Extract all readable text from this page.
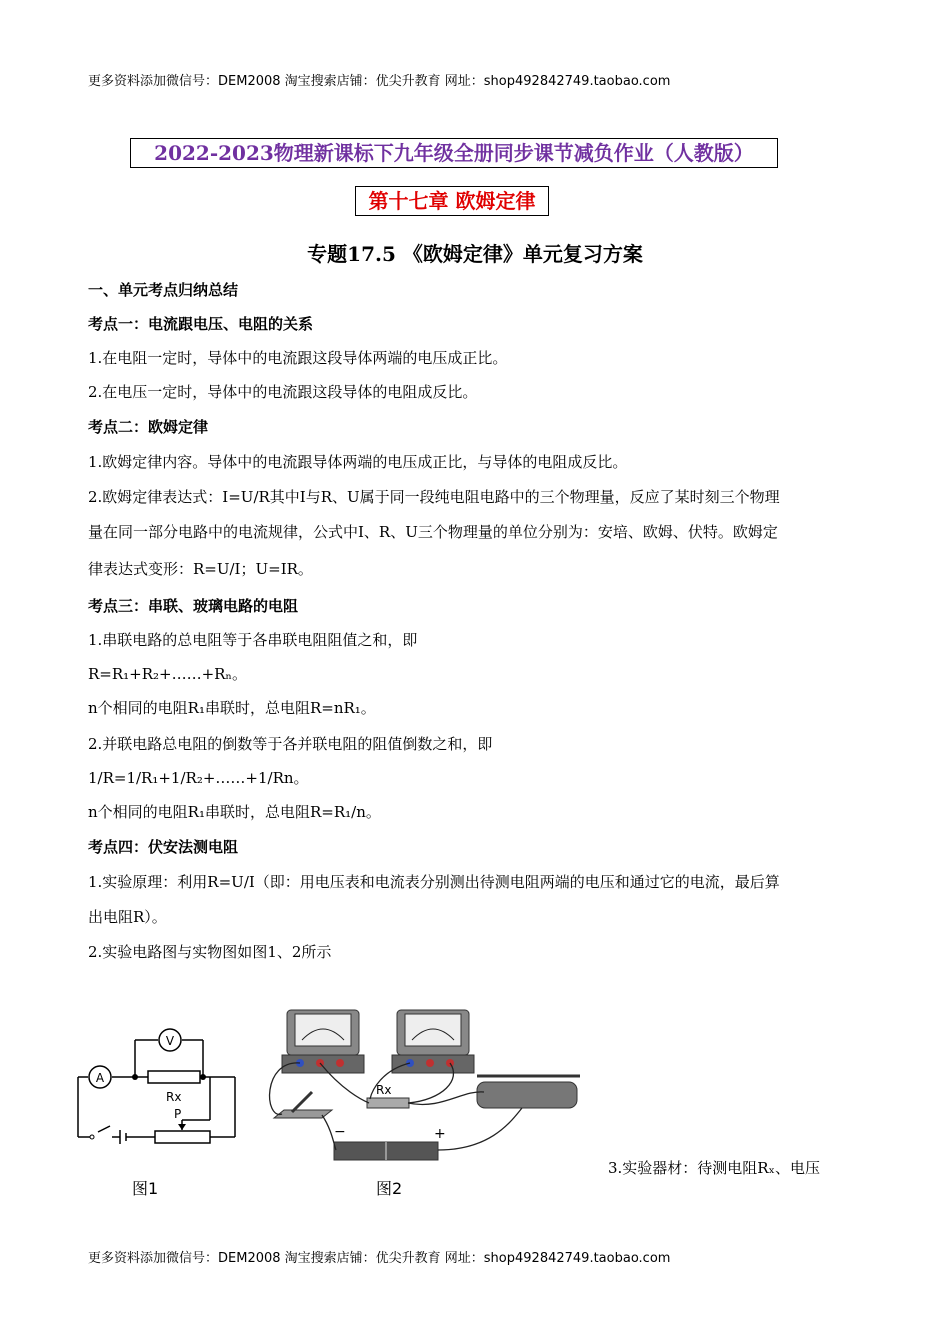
更多资料添加微信号：DEM2008 淘宝搜索店铺：优尖升教育 网址：shop492842749.taobao.com
2022-2023物理新课标下九年级全册同步课节减负作业（人教版）
第十七章 欧姆定律
专题17.5 《欧姆定律》单元复习方案
一、单元考点归纳总结
考点一：电流跟电压、电阻的关系
1.在电阻一定时，导体中的电流跟这段导体两端的电压成正比。
2.在电压一定时，导体中的电流跟这段导体的电阻成反比。
考点二：欧姆定律
1.欧姆定律内容。导体中的电流跟导体两端的电压成正比，与导体的电阻成反比。
2.欧姆定律表达式：I=U/R其中I与R、U属于同一段纯电阻电路中的三个物理量，反应了某时刻三个物理
量在同一部分电路中的电流规律，公式中I、R、U三个物理量的单位分别为：安培、欧姆、伏特。欧姆定
律表达式变形：R=U/I；U=IR。
考点三：串联、玻璃电路的电阻
1.串联电路的总电阻等于各串联电阻阻值之和，即
R=R₁+R₂+……+Rₙ。
n个相同的电阻R₁串联时，总电阻R=nR₁。
2.并联电路总电阻的倒数等于各并联电阻的阻值倒数之和，即
1/R=1/R₁+1/R₂+……+1/Rn。
n个相同的电阻R₁串联时，总电阻R=R₁/n。
考点四：伏安法测电阻
1.实验原理：利用R=U/I（即：用电压表和电流表分别测出待测电阻两端的电压和通过它的电流，最后算
出电阻R）。
2.实验电路图与实物图如图1、2所示
A
V
Rx
P
图1
Rx
−	+
图2
3.实验器材：待测电阻Rₓ、电压
更多资料添加微信号：DEM2008 淘宝搜索店铺：优尖升教育 网址：shop492842749.taobao.com
